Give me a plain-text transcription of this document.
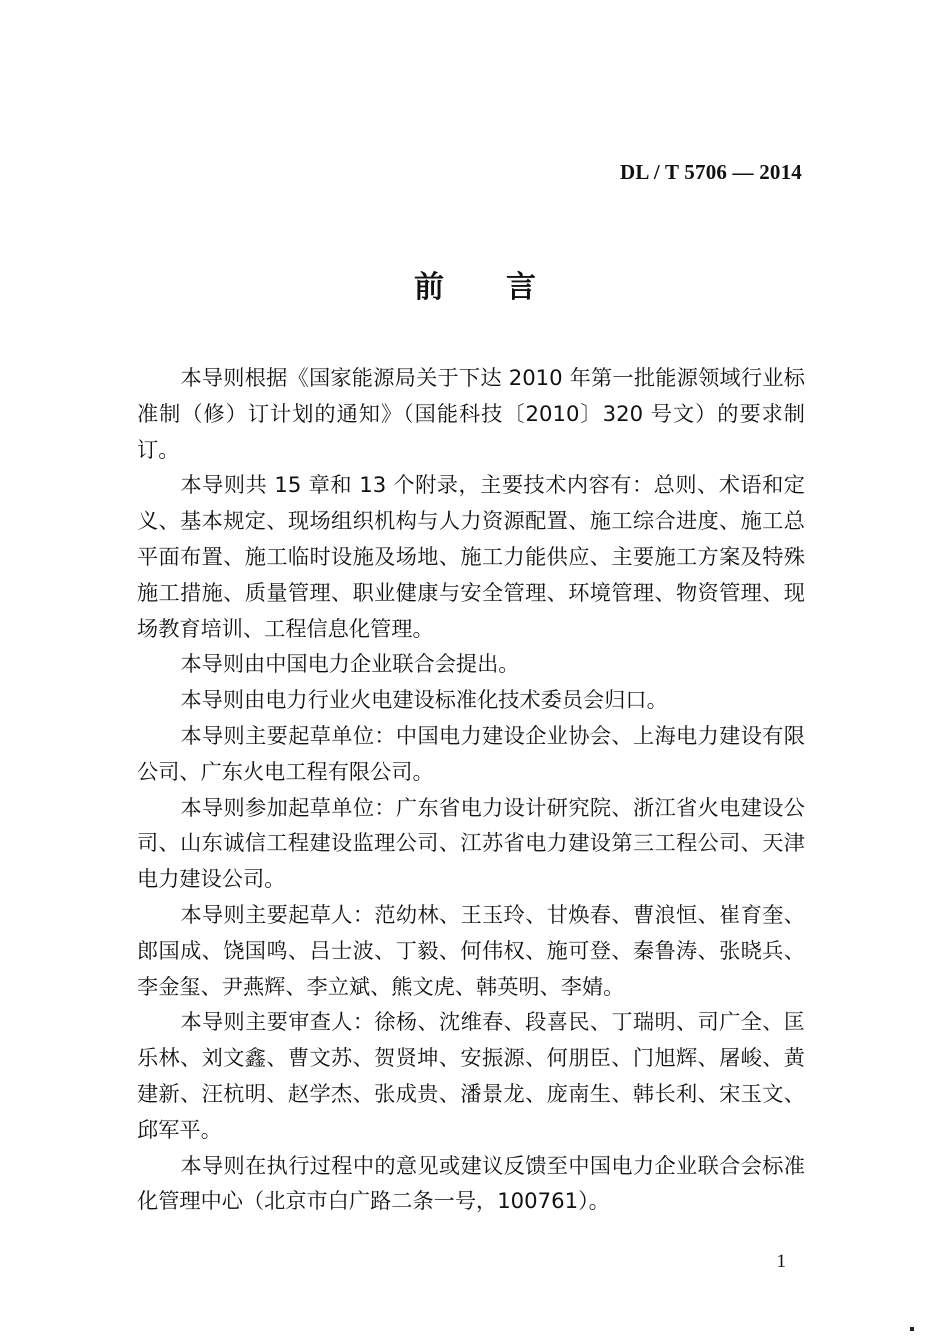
DL / T 5706 — 2014
前言

本导则根据《国家能源局关于下达 2010 年第一批能源领域行业标准制（修）订计划的通知》（国能科技〔2010〕320 号文）的要求制订。

本导则共 15 章和 13 个附录，主要技术内容有：总则、术语和定义、基本规定、现场组织机构与人力资源配置、施工综合进度、施工总平面布置、施工临时设施及场地、施工力能供应、主要施工方案及特殊施工措施、质量管理、职业健康与安全管理、环境管理、物资管理、现场教育培训、工程信息化管理。

本导则由中国电力企业联合会提出。

本导则由电力行业火电建设标准化技术委员会归口。

本导则主要起草单位：中国电力建设企业协会、上海电力建设有限公司、广东火电工程有限公司。

本导则参加起草单位：广东省电力设计研究院、浙江省火电建设公司、山东诚信工程建设监理公司、江苏省电力建设第三工程公司、天津电力建设公司。

本导则主要起草人：范幼林、王玉玲、甘焕春、曹浪恒、崔育奎、郎国成、饶国鸣、吕士波、丁毅、何伟权、施可登、秦鲁涛、张晓兵、李金玺、尹燕辉、李立斌、熊文虎、韩英明、李婧。

本导则主要审查人：徐杨、沈维春、段喜民、丁瑞明、司广全、匡乐林、刘文鑫、曹文苏、贺贤坤、安振源、何朋臣、门旭辉、屠峻、黄建新、汪杭明、赵学杰、张成贵、潘景龙、庞南生、韩长利、宋玉文、邱军平。

本导则在执行过程中的意见或建议反馈至中国电力企业联合会标准化管理中心（北京市白广路二条一号，100761）。

1
